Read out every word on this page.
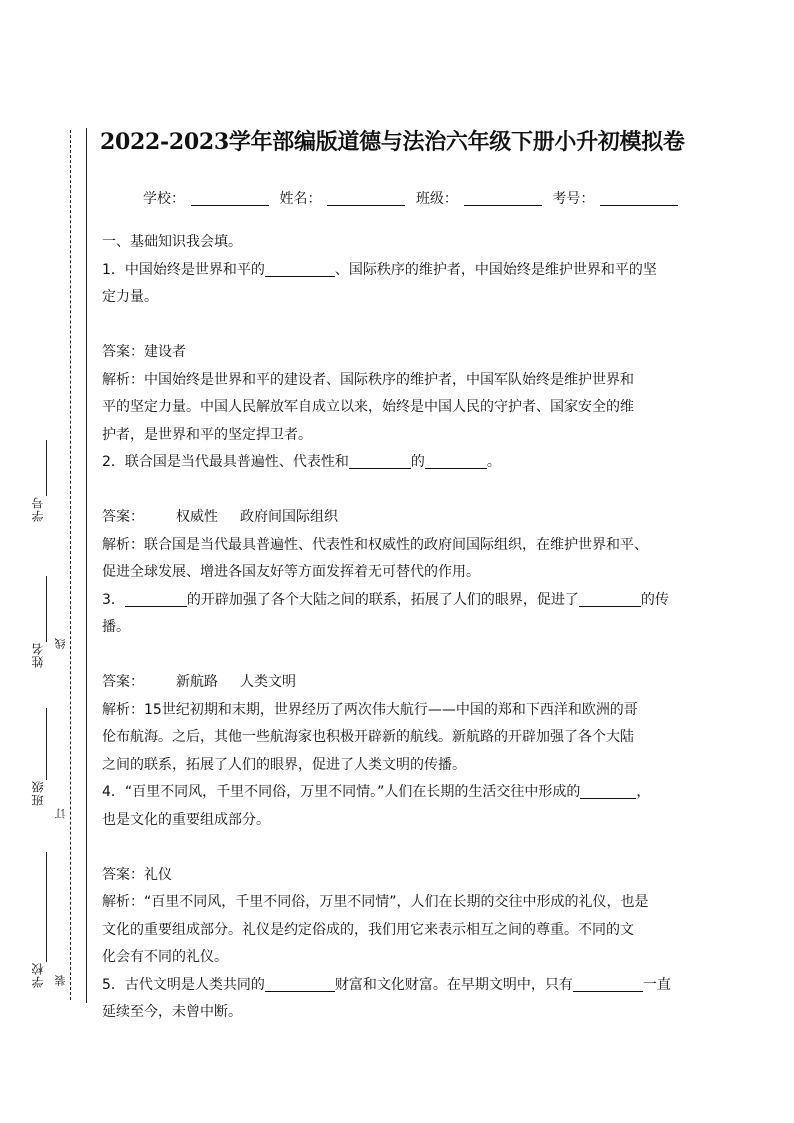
学号
姓名
班级
学校
线
订
装
2022-2023学年部编版道德与法治六年级下册小升初模拟卷
学校：	姓名：	班级：	考号：

一、基础知识我会填。

1．中国始终是世界和平的	、国际秩序的维护者，中国始终是维护世界和平的坚

定力量。

答案：建设者

解析：中国始终是世界和平的建设者、国际秩序的维护者，中国军队始终是维护世界和

平的坚定力量。中国人民解放军自成立以来，始终是中国人民的守护者、国家安全的维

护者，是世界和平的坚定捍卫者。

2．联合国是当代最具普遍性、代表性和	的	。

答案： 权威性 政府间国际组织

解析：联合国是当代最具普遍性、代表性和权威性的政府间国际组织，在维护世界和平、

促进全球发展、增进各国友好等方面发挥着无可替代的作用。

3．	的开辟加强了各个大陆之间的联系，拓展了人们的眼界，促进了	的传

播。

答案： 新航路 人类文明

解析：15世纪初期和末期，世界经历了两次伟大航行——中国的郑和下西洋和欧洲的哥

伦布航海。之后，其他一些航海家也积极开辟新的航线。新航路的开辟加强了各个大陆

之间的联系，拓展了人们的眼界，促进了人类文明的传播。

4．“百里不同风，千里不同俗，万里不同情。”人们在长期的生活交往中形成的	，

也是文化的重要组成部分。

答案：礼仪

解析：“百里不同风，千里不同俗，万里不同情”，人们在长期的交往中形成的礼仪，也是

文化的重要组成部分。礼仪是约定俗成的，我们用它来表示相互之间的尊重。不同的文

化会有不同的礼仪。

5．古代文明是人类共同的	财富和文化财富。在早期文明中，只有	一直

延续至今，未曾中断。
